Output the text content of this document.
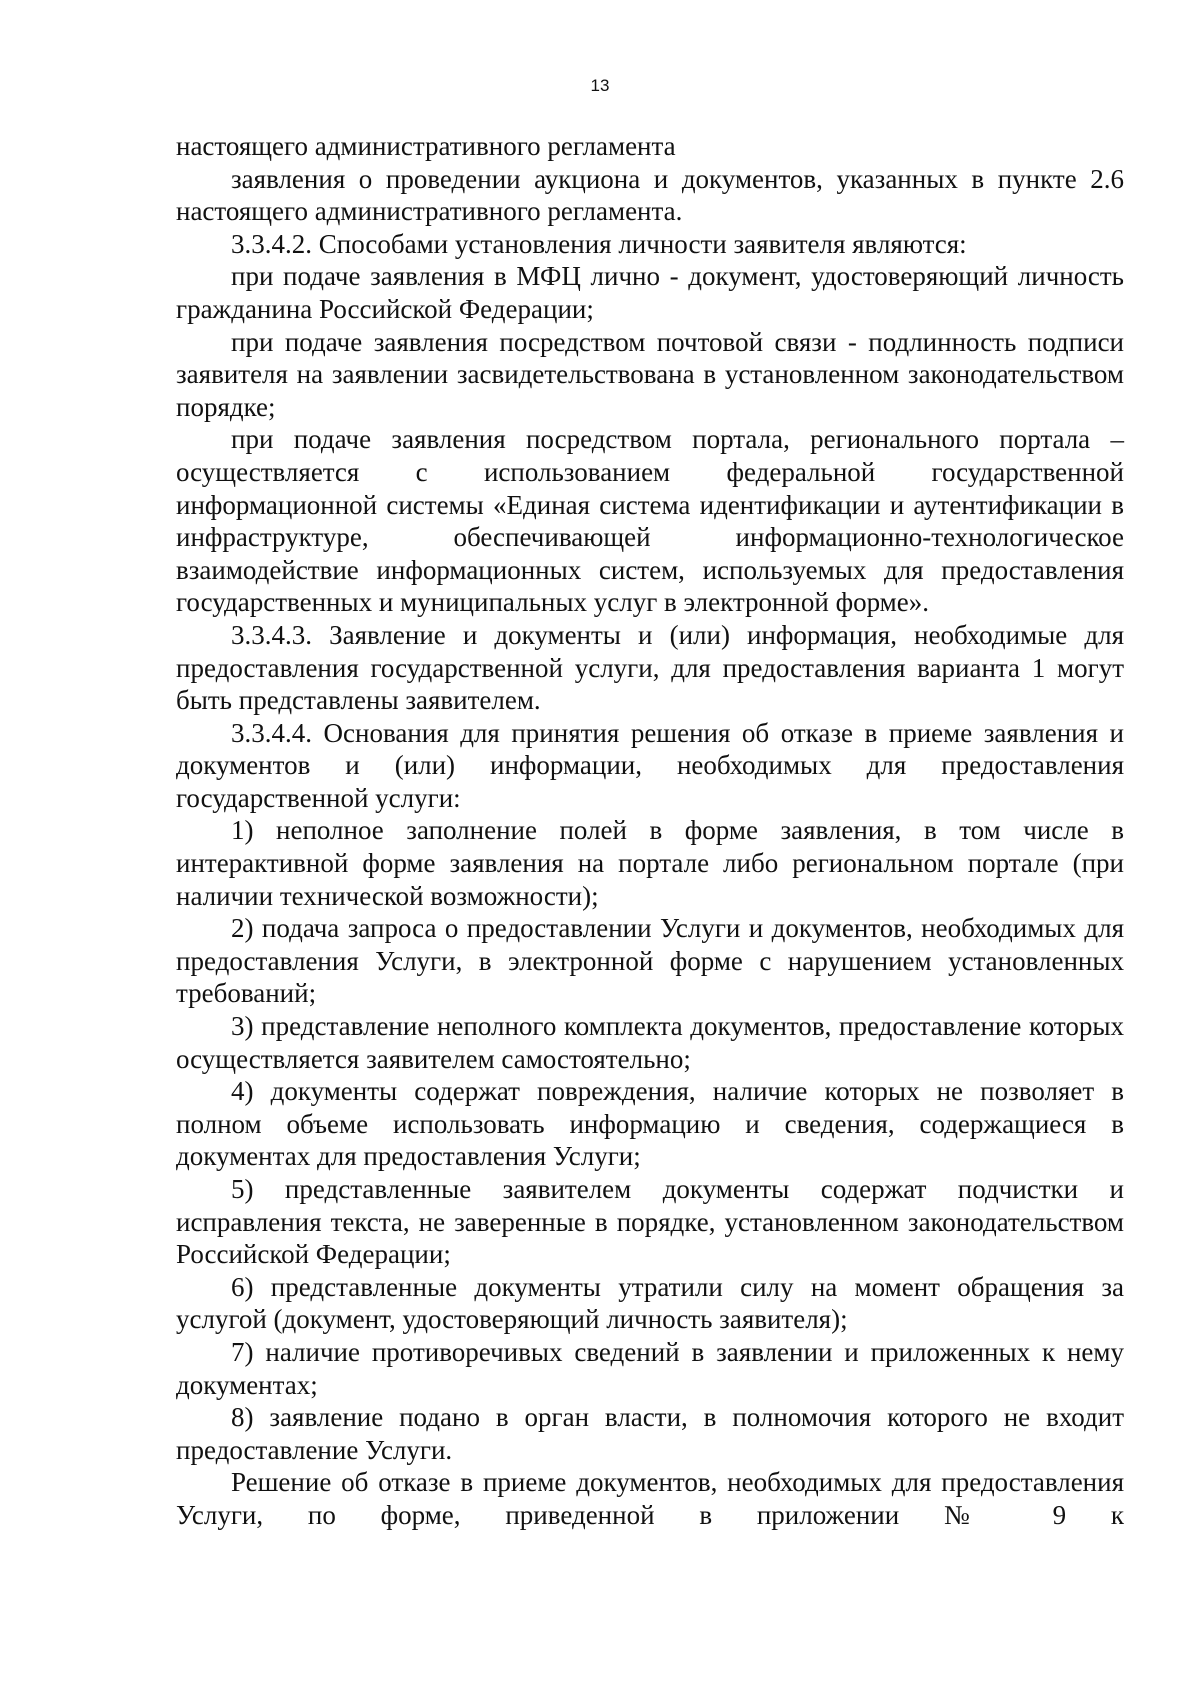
13

настоящего административного регламента

заявления о проведении аукциона и документов, указанных в пункте 2.6 настоящего административного регламента.

3.3.4.2. Способами установления личности заявителя являются:

при подаче заявления в МФЦ лично - документ, удостоверяющий личность гражданина Российской Федерации;

при подаче заявления посредством почтовой связи - подлинность подписи заявителя на заявлении засвидетельствована в установленном законодательством порядке;

при подаче заявления посредством портала, регионального портала – осуществляется с использованием федеральной государственной информационной системы «Единая система идентификации и аутентификации в инфраструктуре, обеспечивающей информационно-технологическое взаимодействие информационных систем, используемых для предоставления государственных и муниципальных услуг в электронной форме».

3.3.4.3. Заявление и документы и (или) информация, необходимые для предоставления государственной услуги, для предоставления варианта 1 могут быть представлены заявителем.

3.3.4.4. Основания для принятия решения об отказе в приеме заявления и документов и (или) информации, необходимых для предоставления государственной услуги:

1) неполное заполнение полей в форме заявления, в том числе в интерактивной форме заявления на портале либо региональном портале (при наличии технической возможности);

2) подача запроса о предоставлении Услуги и документов, необходимых для предоставления Услуги, в электронной форме с нарушением установленных требований;

3) представление неполного комплекта документов, предоставление которых осуществляется заявителем самостоятельно;

4) документы содержат повреждения, наличие которых не позволяет в полном объеме использовать информацию и сведения, содержащиеся в документах для предоставления Услуги;

5) представленные заявителем документы содержат подчистки и исправления текста, не заверенные в порядке, установленном законодательством Российской Федерации;

6) представленные документы утратили силу на момент обращения за услугой (документ, удостоверяющий личность заявителя);

7) наличие противоречивых сведений в заявлении и приложенных к нему документах;

8) заявление подано в орган власти, в полномочия которого не входит предоставление Услуги.

Решение об отказе в приеме документов, необходимых для предоставления Услуги, по форме, приведенной в приложении № 9 к
